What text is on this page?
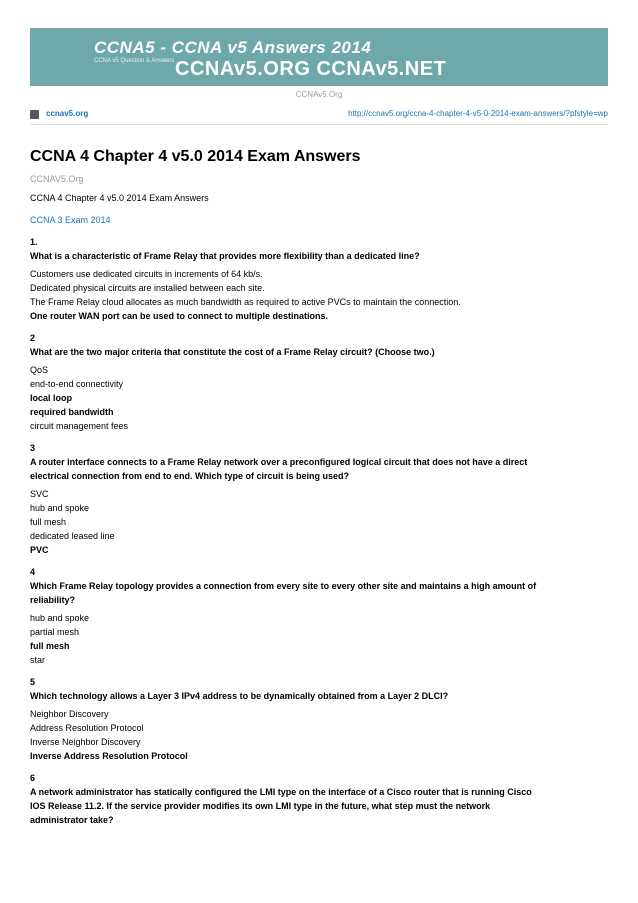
CCNA5 - CCNA v5 Answers 2014
CCNA v5 Question & Answers CCNAv5.ORG CCNAv5.NET
CCNAv5.Org
ccnav5.org	http://ccnav5.org/ccna-4-chapter-4-v5-0-2014-exam-answers/?pfstyle=wp
CCNA 4 Chapter 4 v5.0 2014 Exam Answers
CCNAV5.Org

CCNA 4 Chapter 4 v5.0 2014 Exam Answers

CCNA 3 Exam 2014

1.

What is a characteristic of Frame Relay that provides more flexibility than a dedicated line?

Customers use dedicated circuits in increments of 64 kb/s.

Dedicated physical circuits are installed between each site.

The Frame Relay cloud allocates as much bandwidth as required to active PVCs to maintain the connection.

One router WAN port can be used to connect to multiple destinations.

2

What are the two major criteria that constitute the cost of a Frame Relay circuit? (Choose two.)

QoS

end-to-end connectivity

local loop

required bandwidth

circuit management fees

3

A router interface connects to a Frame Relay network over a preconfigured logical circuit that does not have a direct

electrical connection from end to end. Which type of circuit is being used?

SVC

hub and spoke

full mesh

dedicated leased line

PVC

4

Which Frame Relay topology provides a connection from every site to every other site and maintains a high amount of

reliability?

hub and spoke

partial mesh

full mesh

star

5

Which technology allows a Layer 3 IPv4 address to be dynamically obtained from a Layer 2 DLCI?

Neighbor Discovery

Address Resolution Protocol

Inverse Neighbor Discovery

Inverse Address Resolution Protocol

6

A network administrator has statically configured the LMI type on the interface of a Cisco router that is running Cisco

IOS Release 11.2. If the service provider modifies its own LMI type in the future, what step must the network

administrator take?
